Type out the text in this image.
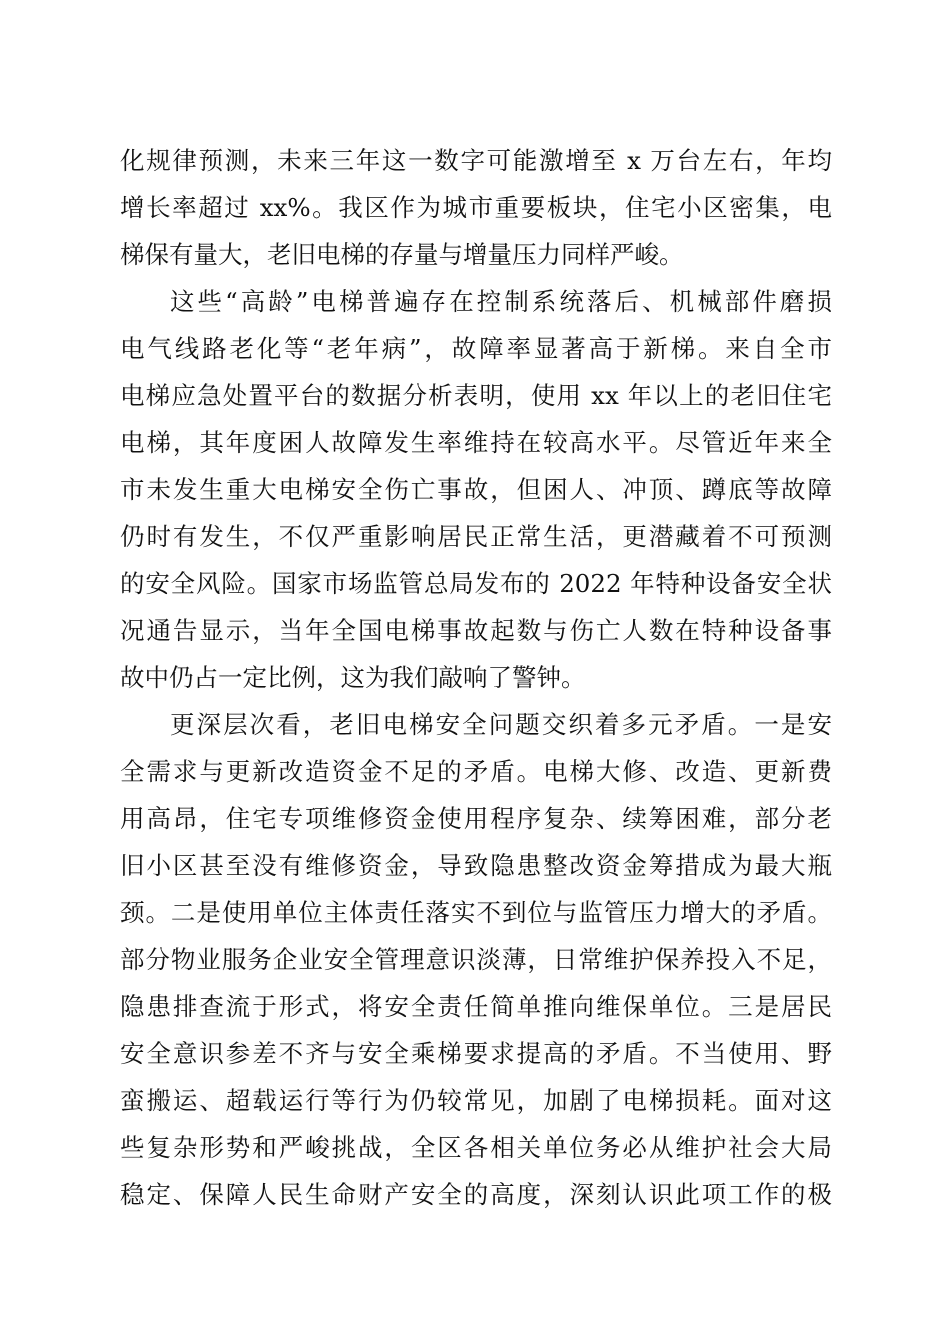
化规律预测，未来三年这一数字可能激增至 x 万台左右，年均
增长率超过 xx%。我区作为城市重要板块，住宅小区密集，电
梯保有量大，老旧电梯的存量与增量压力同样严峻。
这些“高龄”电梯普遍存在控制系统落后、机械部件磨损
电气线路老化等“老年病”，故障率显著高于新梯。来自全市
电梯应急处置平台的数据分析表明，使用 xx 年以上的老旧住宅
电梯，其年度困人故障发生率维持在较高水平。尽管近年来全
市未发生重大电梯安全伤亡事故，但困人、冲顶、蹲底等故障
仍时有发生，不仅严重影响居民正常生活，更潜藏着不可预测
的安全风险。国家市场监管总局发布的 2022 年特种设备安全状
况通告显示，当年全国电梯事故起数与伤亡人数在特种设备事
故中仍占一定比例，这为我们敲响了警钟。
更深层次看，老旧电梯安全问题交织着多元矛盾。一是安
全需求与更新改造资金不足的矛盾。电梯大修、改造、更新费
用高昂，住宅专项维修资金使用程序复杂、续筹困难，部分老
旧小区甚至没有维修资金，导致隐患整改资金筹措成为最大瓶
颈。二是使用单位主体责任落实不到位与监管压力增大的矛盾。
部分物业服务企业安全管理意识淡薄，日常维护保养投入不足，
隐患排查流于形式，将安全责任简单推向维保单位。三是居民
安全意识参差不齐与安全乘梯要求提高的矛盾。不当使用、野
蛮搬运、超载运行等行为仍较常见，加剧了电梯损耗。面对这
些复杂形势和严峻挑战，全区各相关单位务必从维护社会大局
稳定、保障人民生命财产安全的高度，深刻认识此项工作的极
